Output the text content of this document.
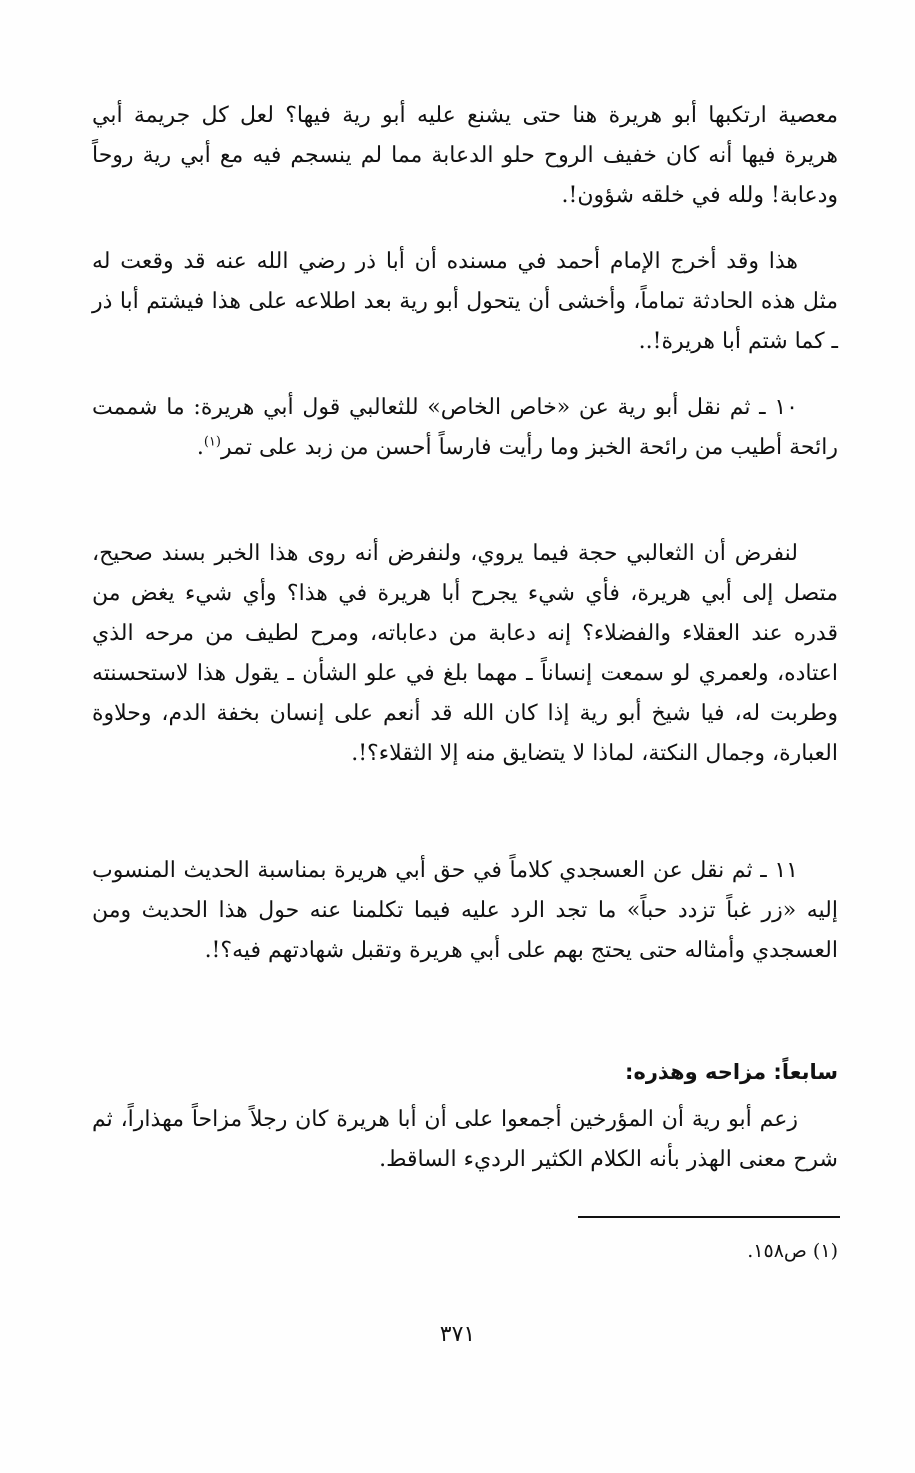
معصية ارتكبها أبو هريرة هنا حتى يشنع عليه أبو رية فيها؟ لعل كل جريمة أبي هريرة فيها أنه كان خفيف الروح حلو الدعابة مما لم ينسجم فيه مع أبي رية روحاً ودعابة! ولله في خلقه شؤون!.
هذا وقد أخرج الإمام أحمد في مسنده أن أبا ذر رضي الله عنه قد وقعت له مثل هذه الحادثة تماماً، وأخشى أن يتحول أبو رية بعد اطلاعه على هذا فيشتم أبا ذر ـ كما شتم أبا هريرة!..
١٠ ـ ثم نقل أبو رية عن «خاص الخاص» للثعالبي قول أبي هريرة: ما شممت رائحة أطيب من رائحة الخبز وما رأيت فارساً أحسن من زبد على تمر$^{(١)}$.
لنفرض أن الثعالبي حجة فيما يروي، ولنفرض أنه روى هذا الخبر بسند صحيح، متصل إلى أبي هريرة، فأي شيء يجرح أبا هريرة في هذا؟ وأي شيء يغض من قدره عند العقلاء والفضلاء؟ إنه دعابة من دعاباته، ومرح لطيف من مرحه الذي اعتاده، ولعمري لو سمعت إنساناً ـ مهما بلغ في علو الشأن ـ يقول هذا لاستحسنته وطربت له، فيا شيخ أبو رية إذا كان الله قد أنعم على إنسان بخفة الدم، وحلاوة العبارة، وجمال النكتة، لماذا لا يتضايق منه إلا الثقلاء؟!.
١١ ـ ثم نقل عن العسجدي كلاماً في حق أبي هريرة بمناسبة الحديث المنسوب إليه «زر غباً تزدد حباً» ما تجد الرد عليه فيما تكلمنا عنه حول هذا الحديث ومن العسجدي وأمثاله حتى يحتج بهم على أبي هريرة وتقبل شهادتهم فيه؟!.
سابعاً: مزاحه وهذره:
زعم أبو رية أن المؤرخين أجمعوا على أن أبا هريرة كان رجلاً مزاحاً مهذاراً، ثم شرح معنى الهذر بأنه الكلام الكثير الرديء الساقط.
(١) ص١٥٨.
٣٧١
